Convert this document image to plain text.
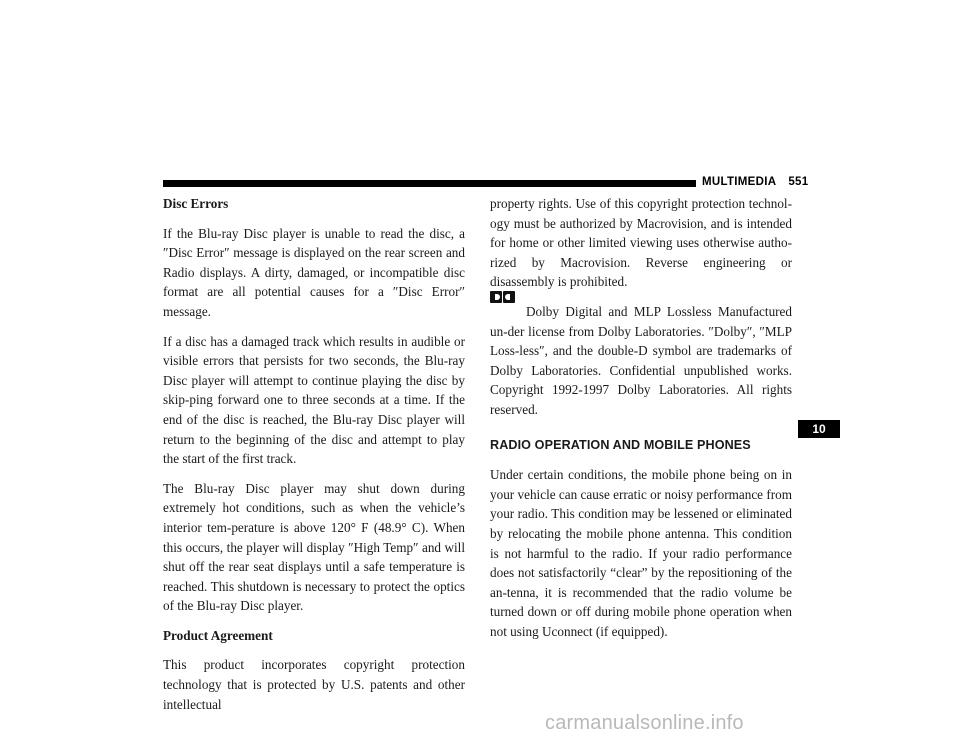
MULTIMEDIA 551
Disc Errors

If the Blu-ray Disc player is unable to read the disc, a ″Disc Error″ message is displayed on the rear screen and Radio displays. A dirty, damaged, or incompatible disc format are all potential causes for a ″Disc Error″ message.

If a disc has a damaged track which results in audible or visible errors that persists for two seconds, the Blu-ray Disc player will attempt to continue playing the disc by skip-ping forward one to three seconds at a time. If the end of the disc is reached, the Blu-ray Disc player will return to the beginning of the disc and attempt to play the start of the first track.

The Blu-ray Disc player may shut down during extremely hot conditions, such as when the vehicle’s interior tem-perature is above 120° F (48.9° C). When this occurs, the player will display ″High Temp″ and will shut off the rear seat displays until a safe temperature is reached. This shutdown is necessary to protect the optics of the Blu-ray Disc player.

Product Agreement

This product incorporates copyright protection technology that is protected by U.S. patents and other intellectual

property rights. Use of this copyright protection technol-ogy must be authorized by Macrovision, and is intended for home or other limited viewing uses otherwise autho-rized by Macrovision. Reverse engineering or disassembly is prohibited.

Dolby Digital and MLP Lossless Manufactured un-der license from Dolby Laboratories. ″Dolby″, ″MLP Loss-less″, and the double-D symbol are trademarks of Dolby Laboratories. Confidential unpublished works. Copyright 1992-1997 Dolby Laboratories. All rights reserved.

RADIO OPERATION AND MOBILE PHONES

Under certain conditions, the mobile phone being on in your vehicle can cause erratic or noisy performance from your radio. This condition may be lessened or eliminated by relocating the mobile phone antenna. This condition is not harmful to the radio. If your radio performance does not satisfactorily “clear” by the repositioning of the an-tenna, it is recommended that the radio volume be turned down or off during mobile phone operation when not using Uconnect (if equipped).

10
carmanualsonline.info
